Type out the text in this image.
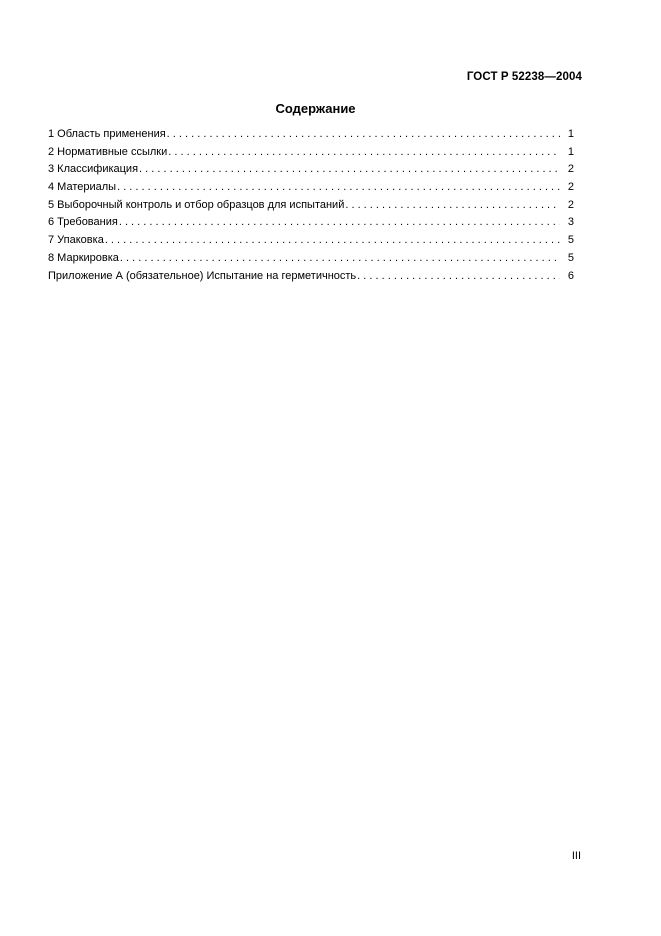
ГОСТ Р 52238—2004
Содержание
1 Область применения . . .	1
2 Нормативные ссылки . . .	1
3 Классификация . . .	2
4 Материалы . . .	2
5 Выборочный контроль и отбор образцов для испытаний . . .	2
6 Требования . . .	3
7 Упаковка . . .	5
8 Маркировка . . .	5
Приложение А (обязательное) Испытание на герметичность . . .	6
III
